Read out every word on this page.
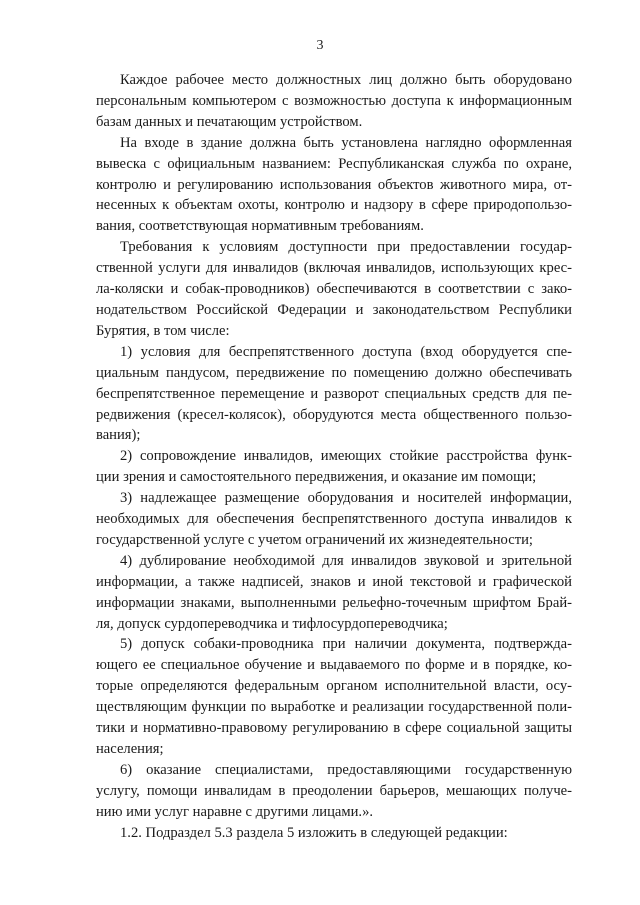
3
Каждое рабочее место должностных лиц должно быть оборудовано
персональным компьютером с возможностью доступа к информационным
базам данных и печатающим устройством.
На входе в здание должна быть установлена наглядно оформленная
вывеска с официальным названием: Республиканская служба по охране,
контролю и регулированию использования объектов животного мира, от-
несенных к объектам охоты, контролю и надзору в сфере природопользо-
вания, соответствующая нормативным требованиям.
Требования к условиям доступности при предоставлении государ-
ственной услуги для инвалидов (включая инвалидов, использующих крес-
ла-коляски и собак-проводников) обеспечиваются в соответствии с зако-
нодательством Российской Федерации и законодательством Республики
Бурятия, в том числе:
1) условия для беспрепятственного доступа (вход оборудуется спе-
циальным пандусом, передвижение по помещению должно обеспечивать
беспрепятственное перемещение и разворот специальных средств для пе-
редвижения (кресел-колясок), оборудуются места общественного пользо-
вания);
2) сопровождение инвалидов, имеющих стойкие расстройства функ-
ции зрения и самостоятельного передвижения, и оказание им помощи;
3) надлежащее размещение оборудования и носителей информации,
необходимых для обеспечения беспрепятственного доступа инвалидов к
государственной услуге с учетом ограничений их жизнедеятельности;
4) дублирование необходимой для инвалидов звуковой и зрительной
информации, а также надписей, знаков и иной текстовой и графической
информации знаками, выполненными рельефно-точечным шрифтом Брай-
ля, допуск сурдопереводчика и тифлосурдопереводчика;
5) допуск собаки-проводника при наличии документа, подтвержда-
ющего ее специальное обучение и выдаваемого по форме и в порядке, ко-
торые определяются федеральным органом исполнительной власти, осу-
ществляющим функции по выработке и реализации государственной поли-
тики и нормативно-правовому регулированию в сфере социальной защиты
населения;
6) оказание специалистами, предоставляющими государственную
услугу, помощи инвалидам в преодолении барьеров, мешающих получе-
нию ими услуг наравне с другими лицами.».
1.2. Подраздел 5.3 раздела 5 изложить в следующей редакции:
